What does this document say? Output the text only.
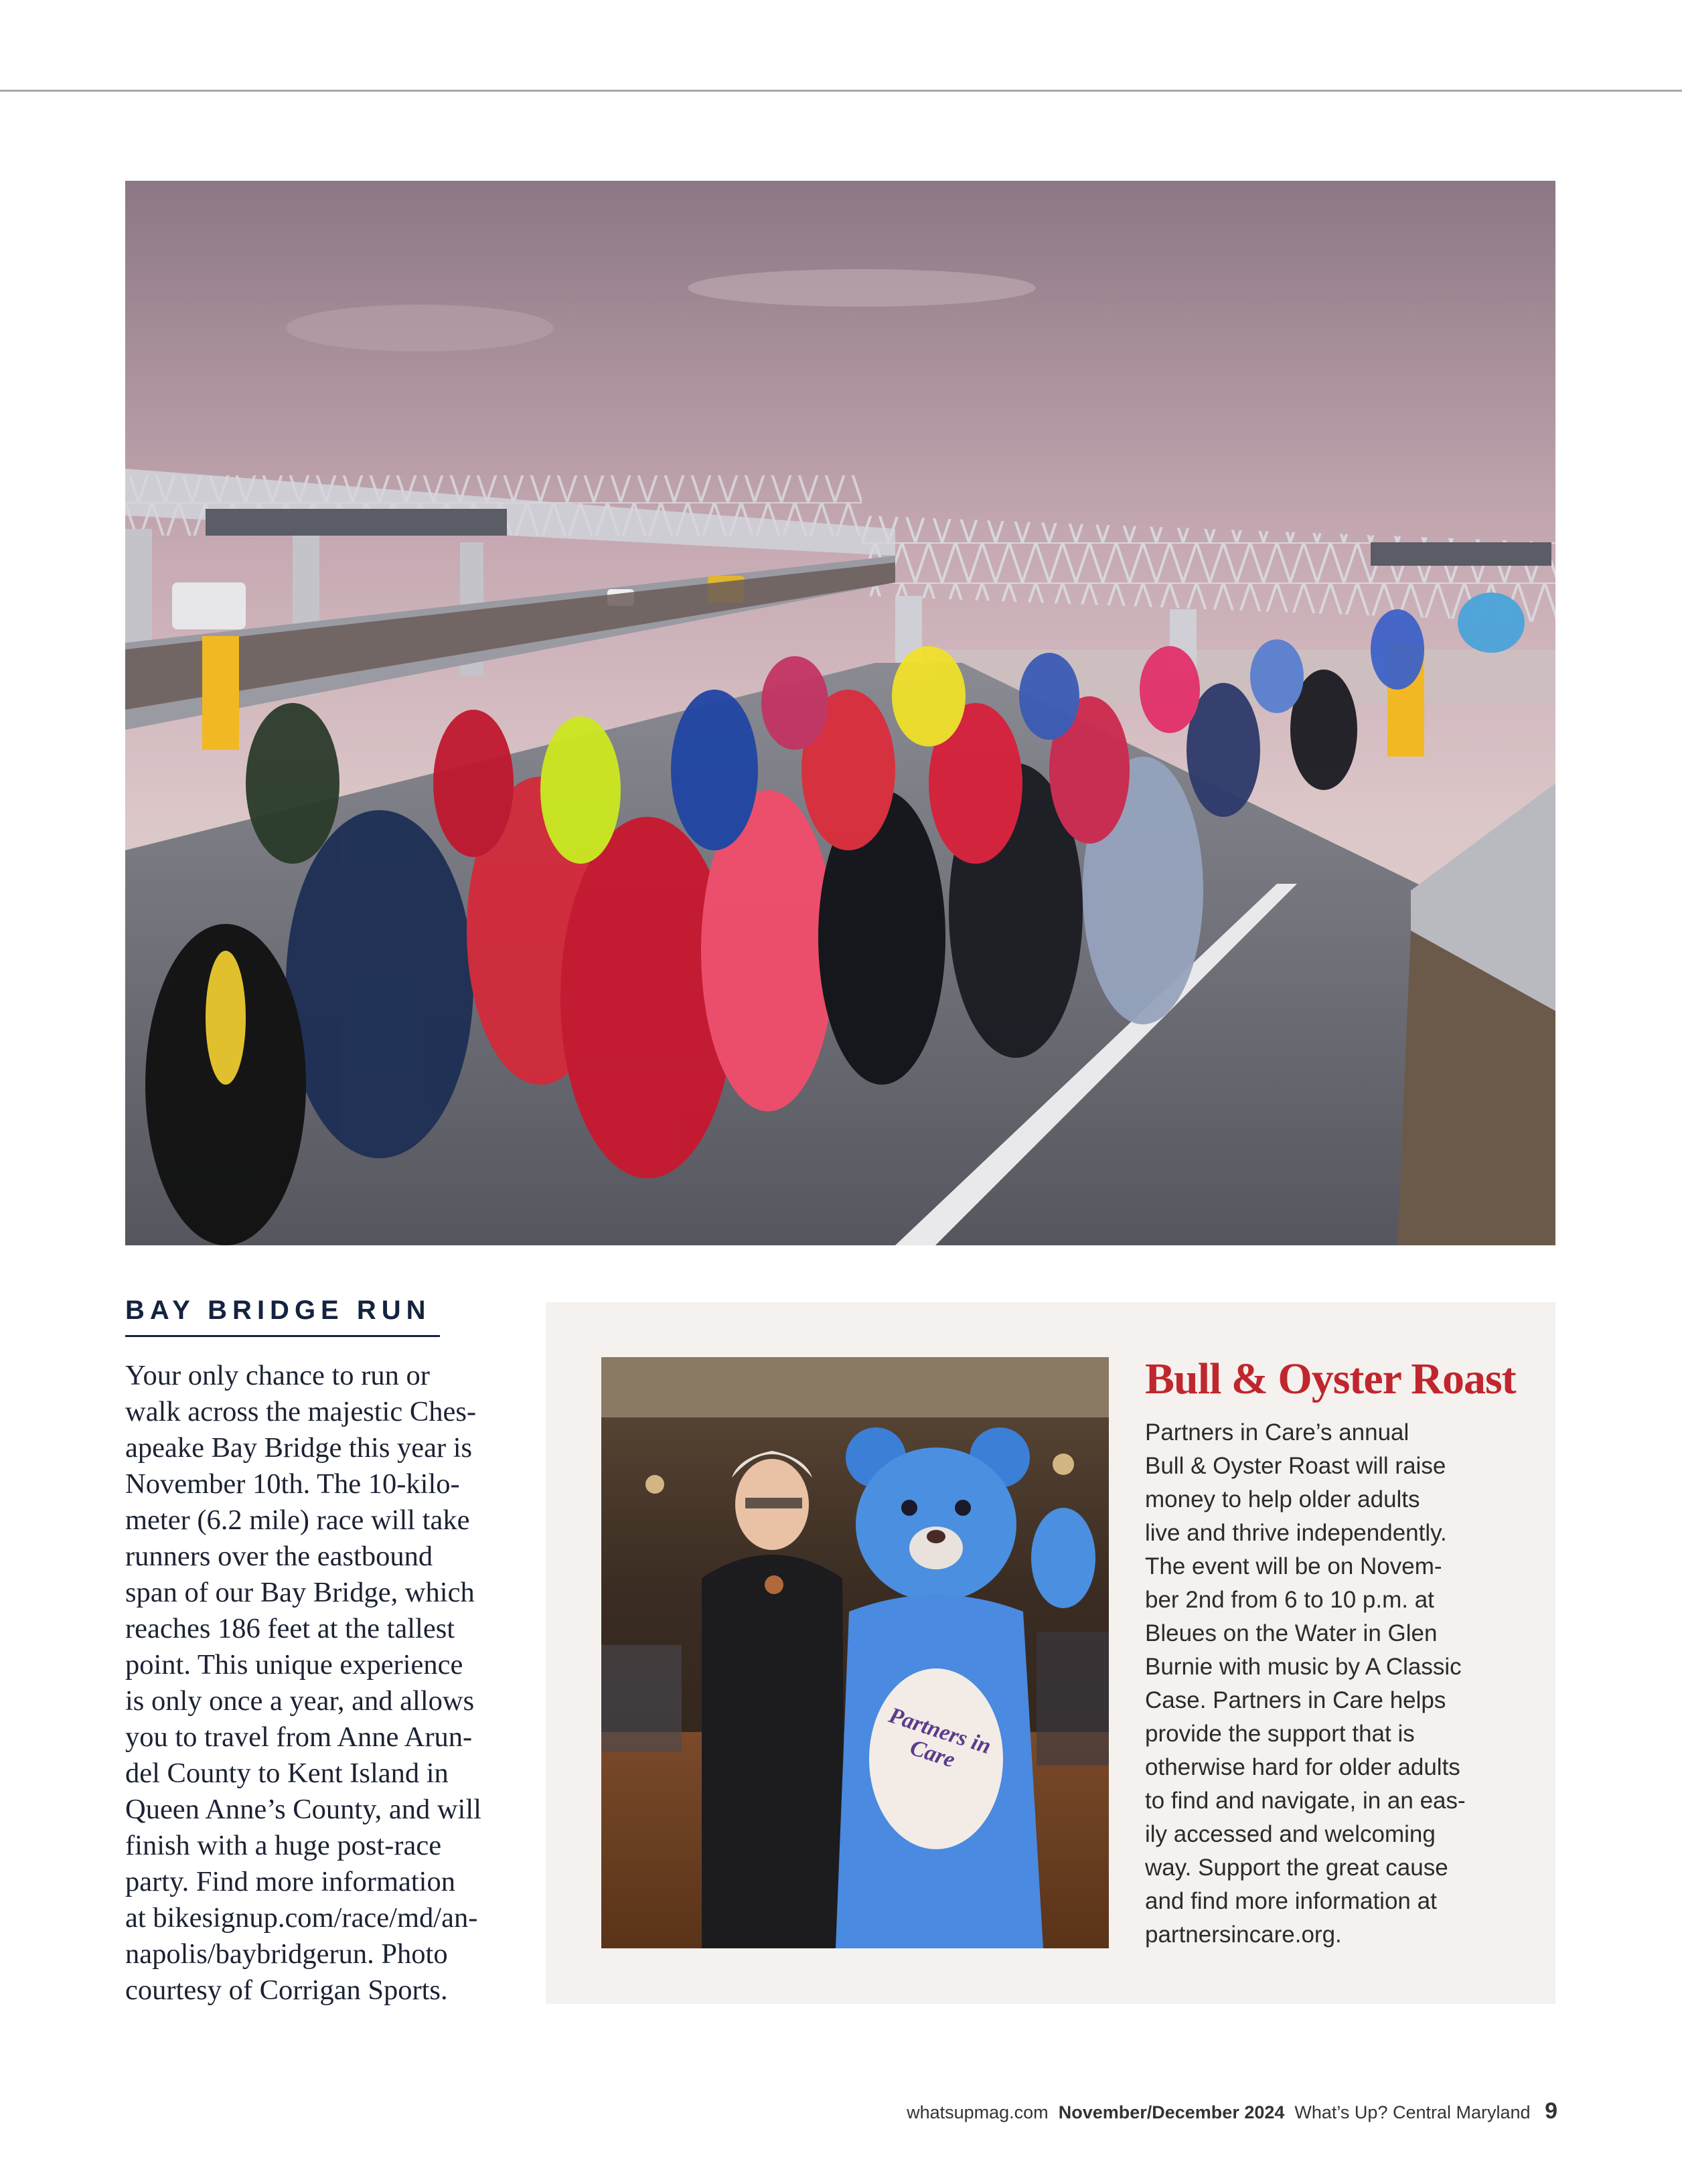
BAY BRIDGE RUN
Your only chance to run or
walk across the majestic Ches-
apeake Bay Bridge this year is
November 10th. The 10-kilo-
meter (6.2 mile) race will take
runners over the eastbound
span of our Bay Bridge, which
reaches 186 feet at the tallest
point. This unique experience
is only once a year, and allows
you to travel from Anne Arun-
del County to Kent Island in
Queen Anne’s County, and will
finish with a huge post-race
party. Find more information
at bikesignup.com/race/md/an-
napolis/baybridgerun. Photo
courtesy of Corrigan Sports.
Partners in Care
Bull & Oyster Roast
Partners in Care’s annual
Bull & Oyster Roast will raise
money to help older adults
live and thrive independently.
The event will be on Novem-
ber 2nd from 6 to 10 p.m. at
Bleues on the Water in Glen
Burnie with music by A Classic
Case. Partners in Care helps
provide the support that is
otherwise hard for older adults
to find and navigate, in an eas-
ily accessed and welcoming
way. Support the great cause
and find more information at
partnersincare.org.
whatsupmag.com November/December 2024 What’s Up? Central Maryland 9
